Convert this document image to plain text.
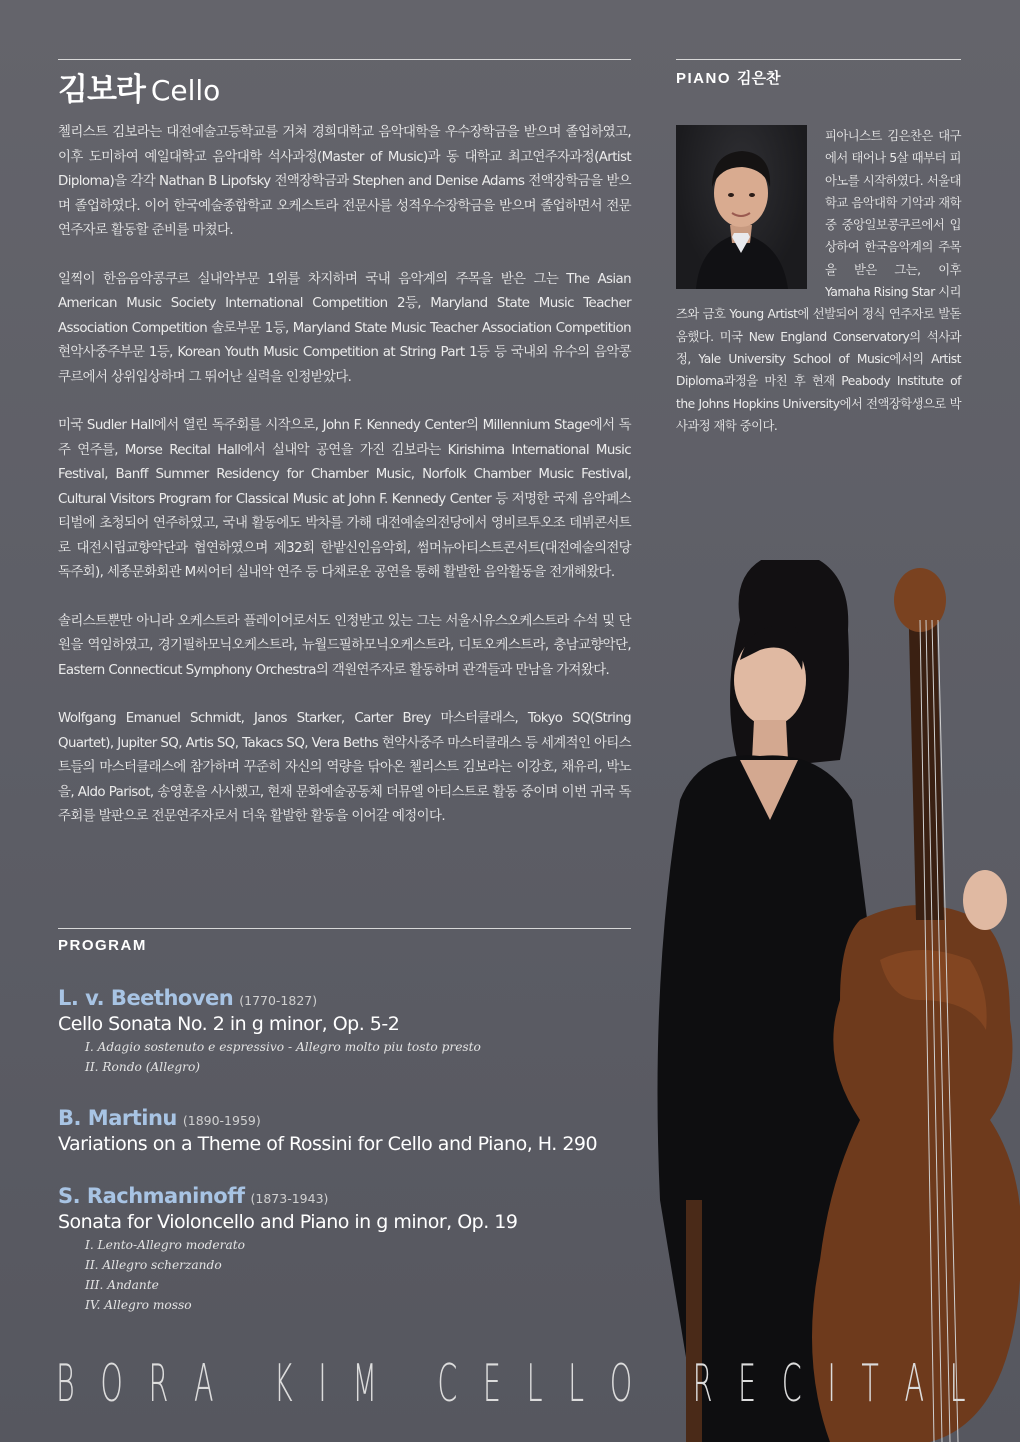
김보라 Cello

첼리스트 김보라는 대전예술고등학교를 거쳐 경희대학교 음악대학을 우수장학금을 받으며 졸업하였고, 이후 도미하여 예일대학교 음악대학 석사과정(Master of Music)과 동 대학교 최고연주자과정(Artist Diploma)을 각각 Nathan B Lipofsky 전액장학금과 Stephen and Denise Adams 전액장학금을 받으며 졸업하였다. 이어 한국예술종합학교 오케스트라 전문사를 성적우수장학금을 받으며 졸업하면서 전문연주자로 활동할 준비를 마쳤다.

일찍이 한음음악콩쿠르 실내악부문 1위를 차지하며 국내 음악계의 주목을 받은 그는 The Asian American Music Society International Competition 2등, Maryland State Music Teacher Association Competition 솔로부문 1등, Maryland State Music Teacher Association Competition 현악사중주부문 1등, Korean Youth Music Competition at String Part 1등 등 국내외 유수의 음악콩쿠르에서 상위입상하며 그 뛰어난 실력을 인정받았다.

미국 Sudler Hall에서 열린 독주회를 시작으로, John F. Kennedy Center의 Millennium Stage에서 독주 연주를, Morse Recital Hall에서 실내악 공연을 가진 김보라는 Kirishima International Music Festival, Banff Summer Residency for Chamber Music, Norfolk Chamber Music Festival, Cultural Visitors Program for Classical Music at John F. Kennedy Center 등 저명한 국제 음악페스티벌에 초청되어 연주하였고, 국내 활동에도 박차를 가해 대전예술의전당에서 영비르투오조 데뷔콘서트로 대전시립교향악단과 협연하였으며 제32회 한밭신인음악회, 썸머뉴아티스트콘서트(대전예술의전당 독주회), 세종문화회관 M씨어터 실내악 연주 등 다채로운 공연을 통해 활발한 음악활동을 전개해왔다.

솔리스트뿐만 아니라 오케스트라 플레이어로서도 인정받고 있는 그는 서울시유스오케스트라 수석 및 단원을 역임하였고, 경기필하모닉오케스트라, 뉴월드필하모닉오케스트라, 디토오케스트라, 충남교향악단, Eastern Connecticut Symphony Orchestra의 객원연주자로 활동하며 관객들과 만남을 가져왔다.

Wolfgang Emanuel Schmidt, Janos Starker, Carter Brey 마스터클래스, Tokyo SQ(String Quartet), Jupiter SQ, Artis SQ, Takacs SQ, Vera Beths 현악사중주 마스터클래스 등 세계적인 아티스트들의 마스터클래스에 참가하며 꾸준히 자신의 역량을 닦아온 첼리스트 김보라는 이강호, 채유리, 박노을, Aldo Parisot, 송영훈을 사사했고, 현재 문화예술공동체 더뮤엘 아티스트로 활동 중이며 이번 귀국 독주회를 발판으로 전문연주자로서 더욱 활발한 활동을 이어갈 예정이다.

PIANO 김은찬

피아니스트 김은찬은 대구에서 태어나 5살 때부터 피아노를 시작하였다. 서울대학교 음악대학 기악과 재학 중 중앙일보콩쿠르에서 입상하여 한국음악계의 주목을 받은 그는, 이후 Yamaha Rising Star 시리즈와 금호 Young Artist에 선발되어 정식 연주자로 발돋움했다. 미국 New England Conservatory의 석사과정, Yale University School of Music에서의 Artist Diploma과정을 마친 후 현재 Peabody Institute of the Johns Hopkins University에서 전액장학생으로 박사과정 재학 중이다.

PROGRAM
L. v. Beethoven (1770-1827)
Cello Sonata No. 2 in g minor, Op. 5-2
I. Adagio sostenuto e espressivo - Allegro molto piu tosto presto
II. Rondo (Allegro)
B. Martinu (1890-1959)
Variations on a Theme of Rossini for Cello and Piano, H. 290
S. Rachmaninoff (1873-1943)
Sonata for Violoncello and Piano in g minor, Op. 19
I. Lento-Allegro moderato
II. Allegro scherzando
III. Andante
IV. Allegro mosso
B O R A
K I M
C E L L O
R E C I T A L
